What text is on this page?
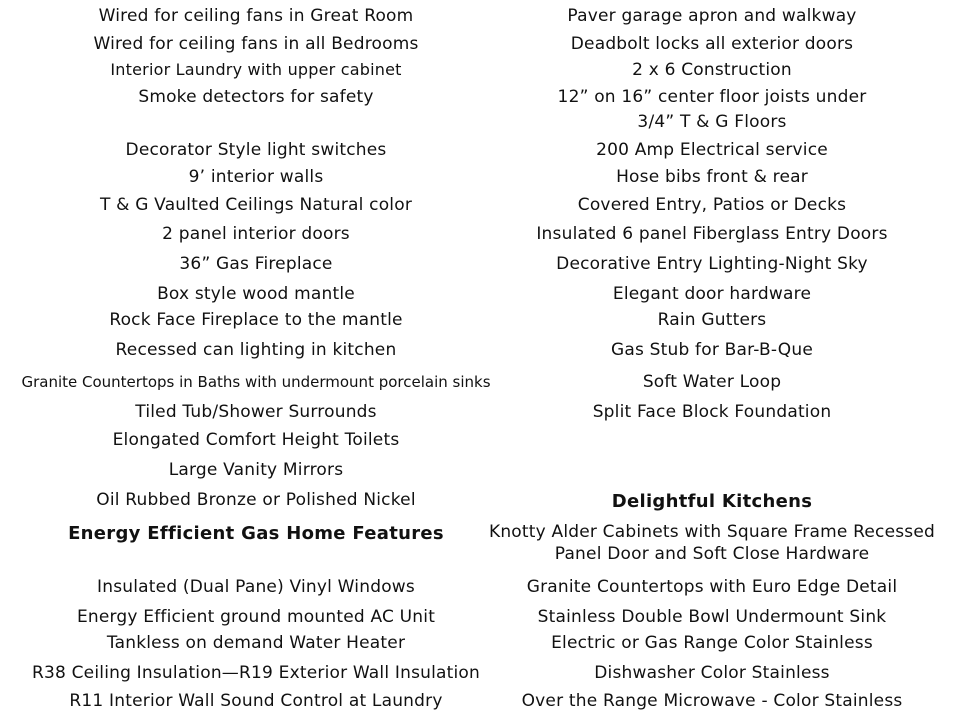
Wired for ceiling fans in Great Room
Wired for ceiling fans in all Bedrooms
Interior Laundry with upper cabinet
Smoke detectors for safety
Decorator Style light switches
9’ interior walls
T & G Vaulted Ceilings Natural color
2 panel interior doors
36” Gas Fireplace
Box style wood mantle
Rock Face Fireplace to the mantle
Recessed can lighting in kitchen
Granite Countertops in Baths with undermount porcelain sinks
Tiled Tub/Shower Surrounds
Elongated Comfort Height Toilets
Large Vanity Mirrors
Oil Rubbed Bronze or Polished Nickel
Energy Efficient Gas Home Features
Insulated (Dual Pane) Vinyl Windows
Energy Efficient ground mounted AC Unit
Tankless on demand Water Heater
R38 Ceiling Insulation—R19 Exterior Wall Insulation
R11 Interior Wall Sound Control at Laundry
Paver garage apron and walkway
Deadbolt locks all exterior doors
2 x 6 Construction
12” on 16” center floor joists under
3/4” T & G Floors
200 Amp Electrical service
Hose bibs front & rear
Covered Entry, Patios or Decks
Insulated 6 panel Fiberglass Entry Doors
Decorative Entry Lighting-Night Sky
Elegant door hardware
Rain Gutters
Gas Stub for Bar-B-Que
Soft Water Loop
Split Face Block Foundation
Delightful Kitchens
Knotty Alder Cabinets with Square Frame Recessed
Panel Door and Soft Close Hardware
Granite Countertops with Euro Edge Detail
Stainless Double Bowl Undermount Sink
Electric or Gas Range Color Stainless
Dishwasher Color Stainless
Over the Range Microwave - Color Stainless
